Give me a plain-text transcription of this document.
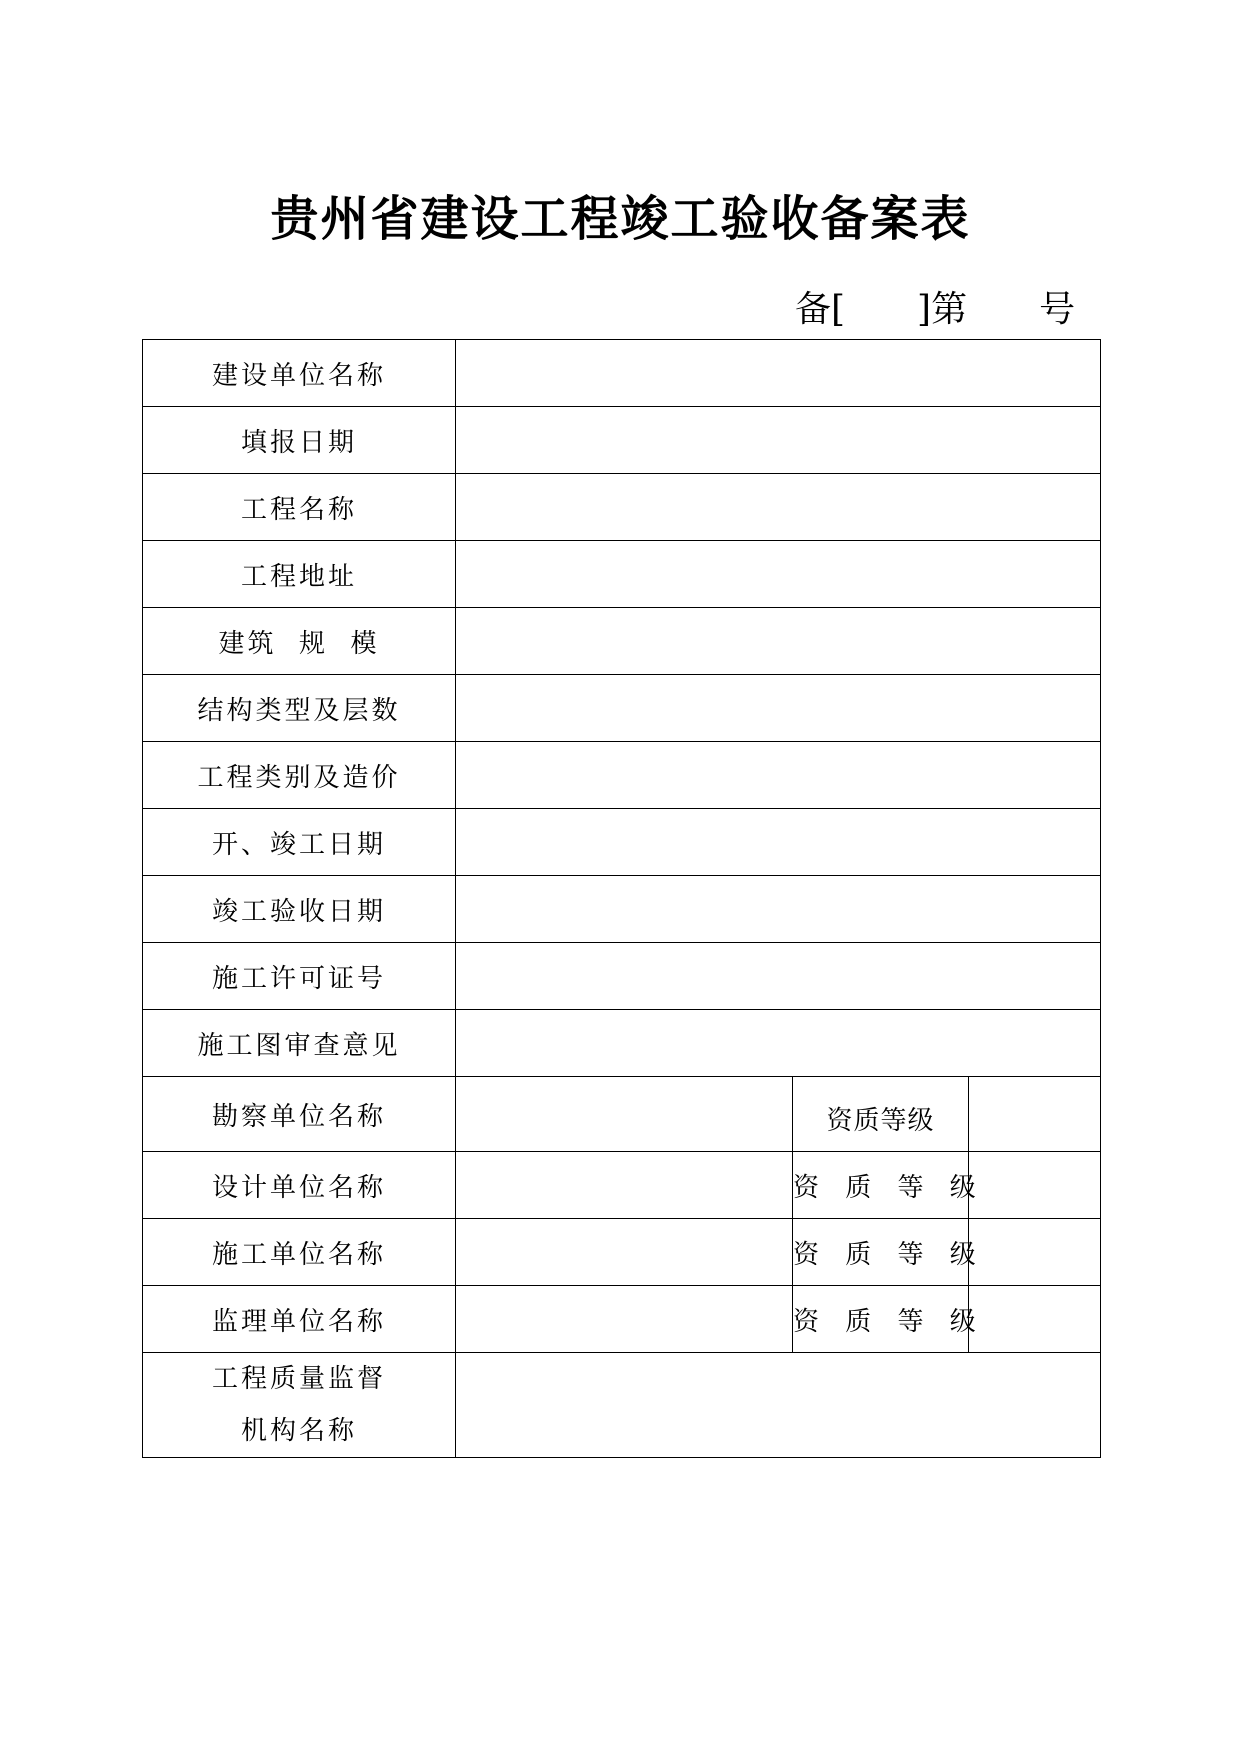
贵州省建设工程竣工验收备案表
备[　　]第　　号
建设单位名称			
填报日期			
工程名称			
工程地址			
建筑  规  模			
结构类型及层数			
工程类别及造价			
开、竣工日期			
竣工验收日期			
施工许可证号			
施工图审查意见			
勘察单位名称		资质等级	
设计单位名称		资 质 等 级	
施工单位名称		资 质 等 级	
监理单位名称		资 质 等 级	

工程质量监督
机构名称			
